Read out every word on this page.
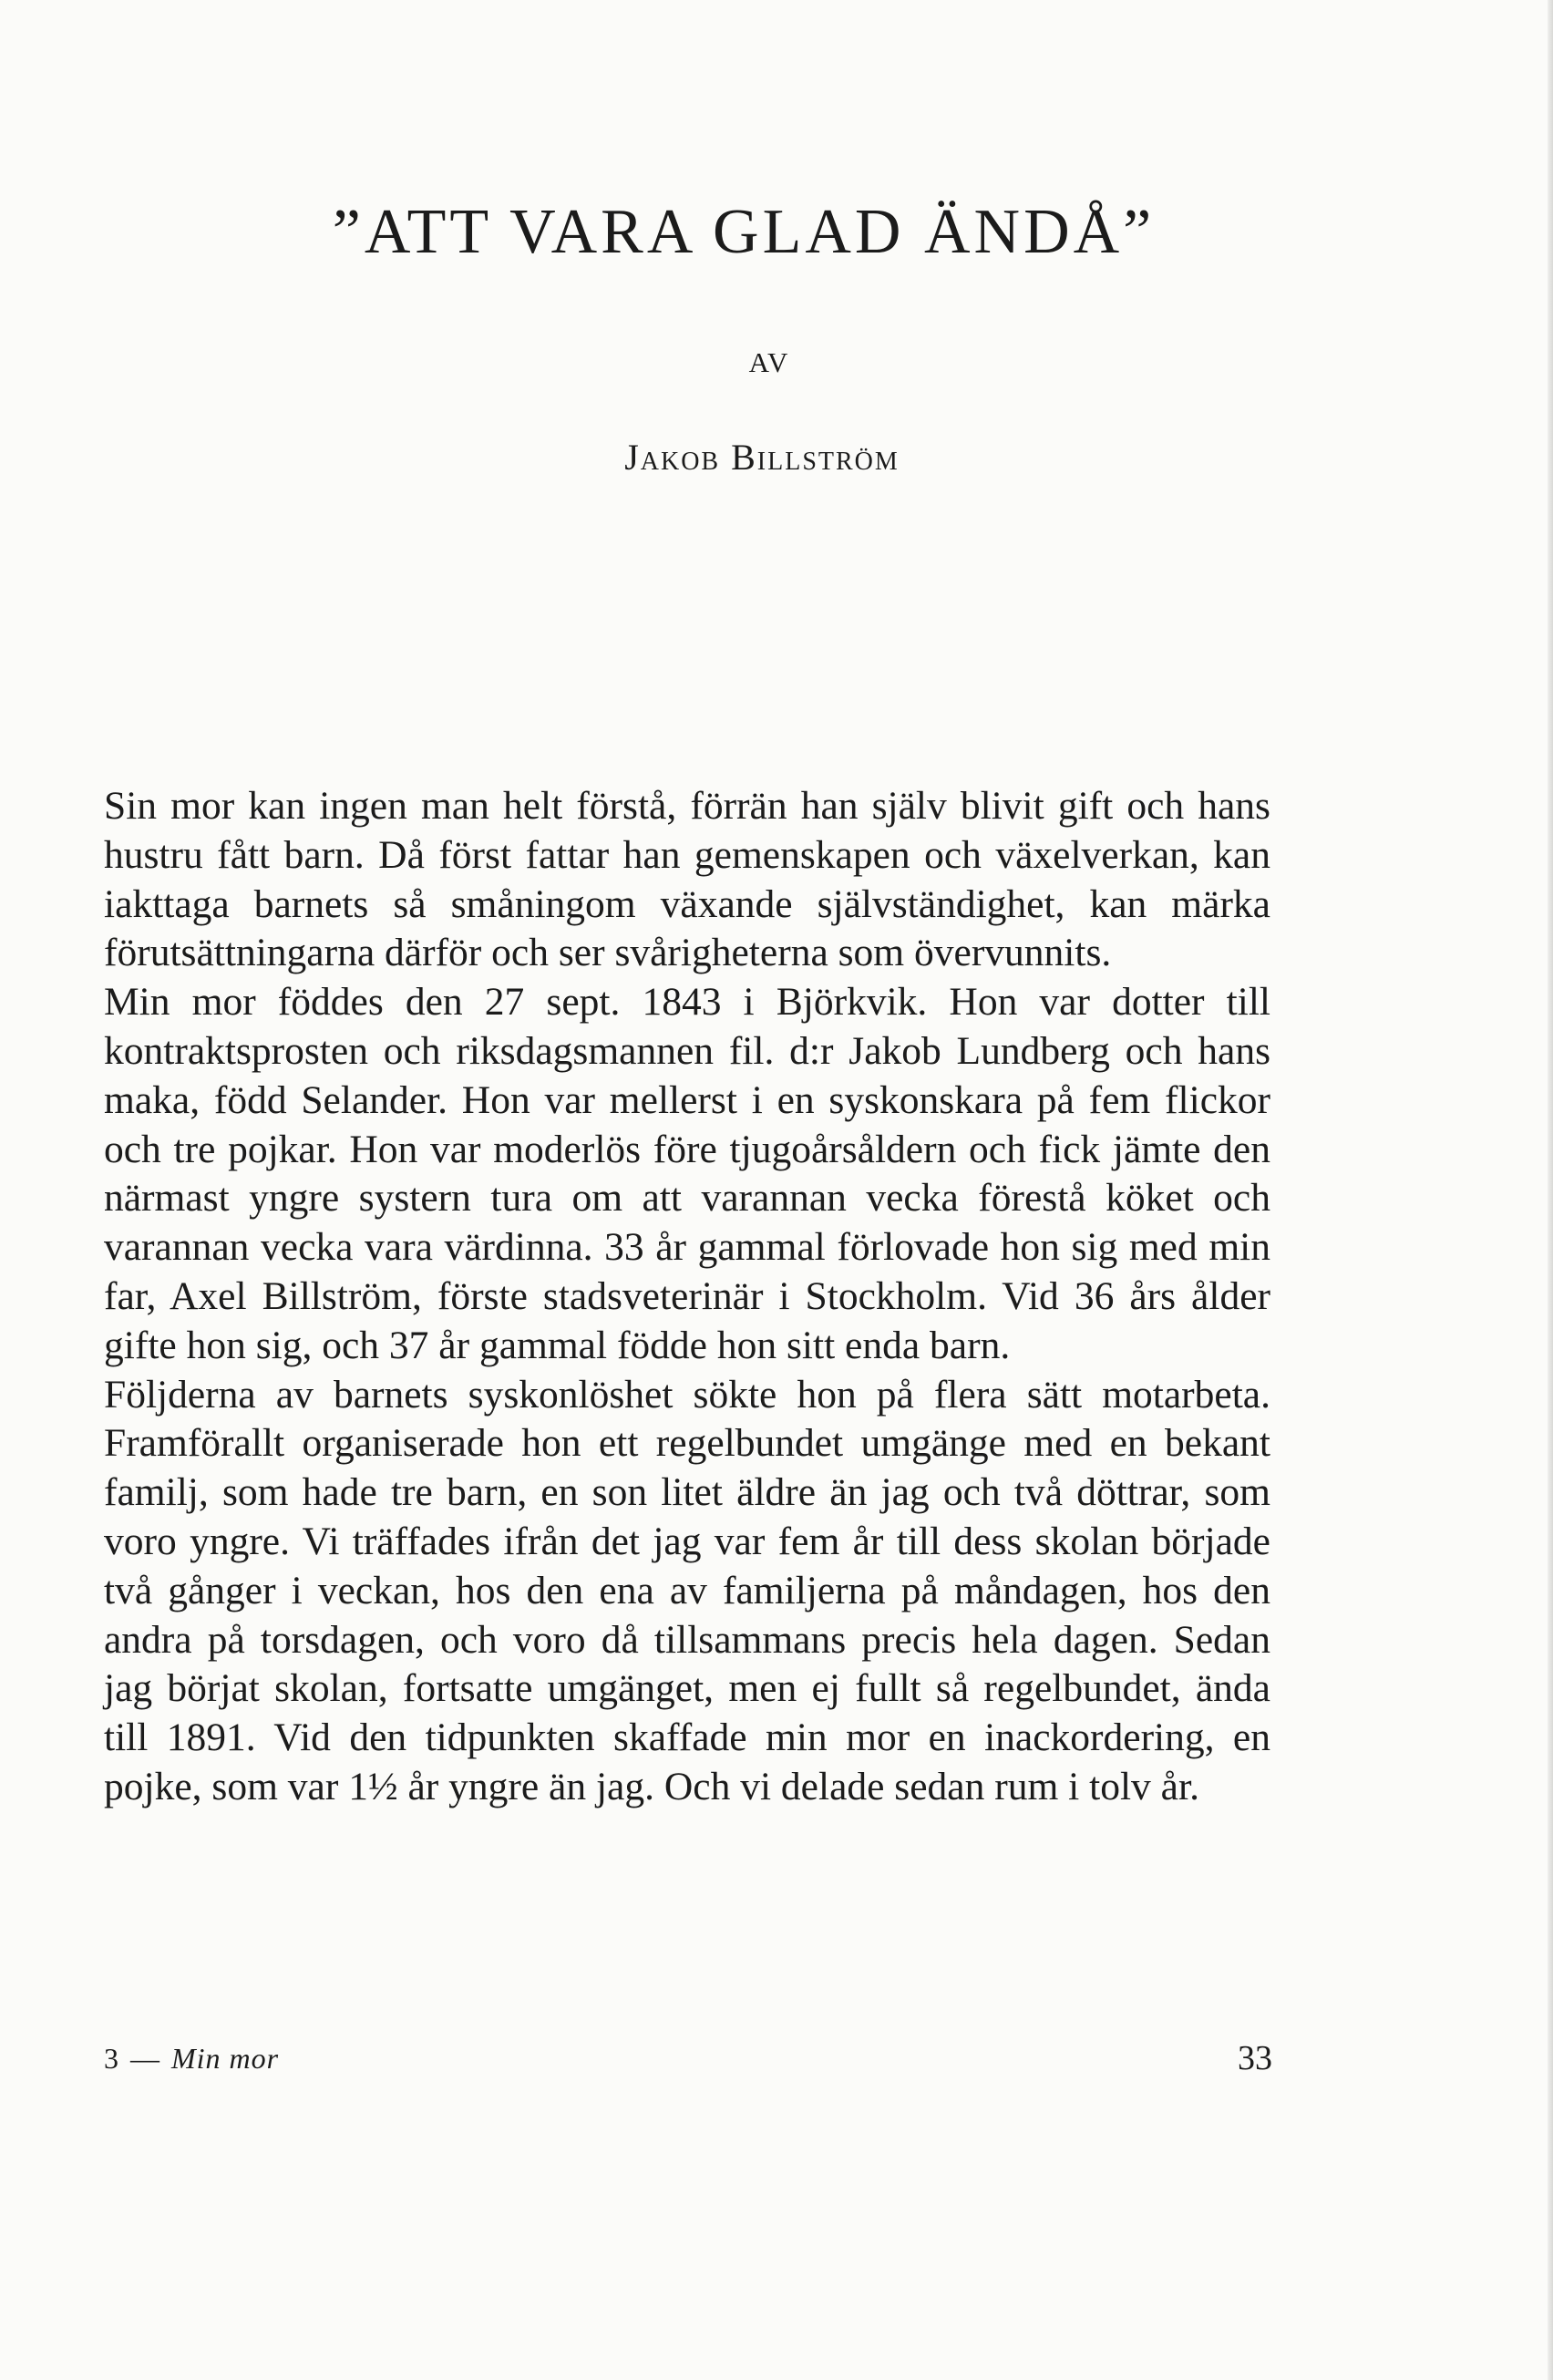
”ATT VARA GLAD ÄNDÅ”
AV
Jakob Billström

Sin mor kan ingen man helt förstå, förrän han själv blivit gift och hans hustru fått barn. Då först fattar han gemenskapen och växelverkan, kan iakttaga barnets så småningom växande självständighet, kan märka förutsättningarna därför och ser svårigheterna som övervunnits.

Min mor föddes den 27 sept. 1843 i Björkvik. Hon var dotter till kontraktsprosten och riksdagsmannen fil. d:r Jakob Lundberg och hans maka, född Selander. Hon var mellerst i en syskonskara på fem flickor och tre pojkar. Hon var moderlös före tjugoårsåldern och fick jämte den närmast yngre systern tura om att varannan vecka förestå köket och varannan vecka vara värdinna. 33 år gammal förlovade hon sig med min far, Axel Billström, förste stadsveterinär i Stockholm. Vid 36 års ålder gifte hon sig, och 37 år gammal födde hon sitt enda barn.

Följderna av barnets syskonlöshet sökte hon på flera sätt motarbeta. Framförallt organiserade hon ett regelbundet umgänge med en bekant familj, som hade tre barn, en son litet äldre än jag och två döttrar, som voro yngre. Vi träffades ifrån det jag var fem år till dess skolan började två gånger i veckan, hos den ena av familjerna på måndagen, hos den andra på torsdagen, och voro då tillsammans precis hela dagen. Sedan jag börjat skolan, fortsatte umgänget, men ej fullt så regelbundet, ända till 1891. Vid den tidpunkten skaffade min mor en inackordering, en pojke, som var 1½ år yngre än jag. Och vi delade sedan rum i tolv år.

3 — Min mor	33
